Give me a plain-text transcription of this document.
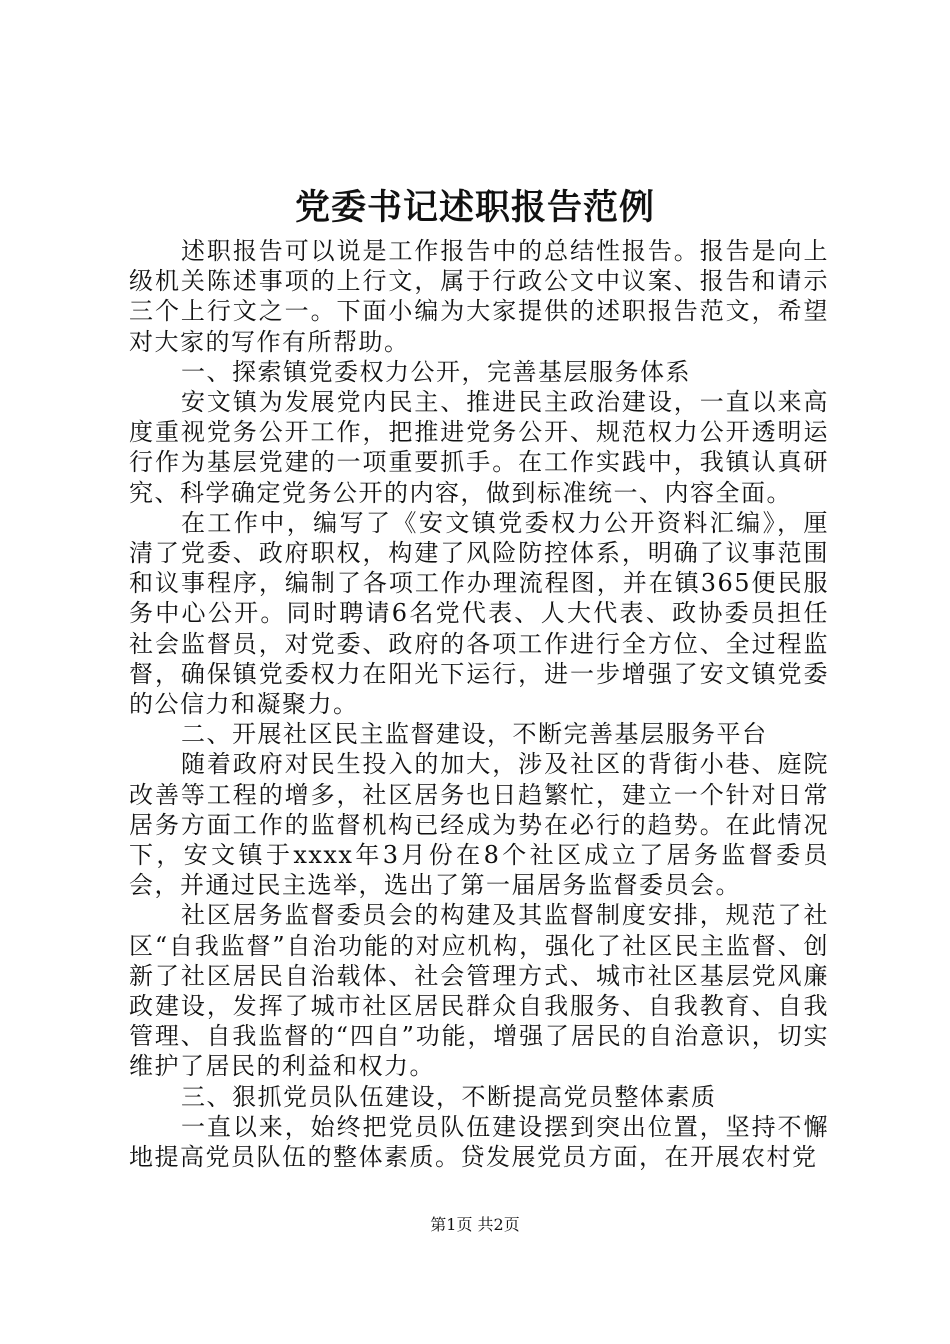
党委书记述职报告范例

述职报告可以说是工作报告中的总结性报告。报告是向上级机关陈述事项的上行文，属于行政公文中议案、报告和请示三个上行文之一。下面小编为大家提供的述职报告范文，希望对大家的写作有所帮助。

一、探索镇党委权力公开，完善基层服务体系

安文镇为发展党内民主、推进民主政治建设，一直以来高度重视党务公开工作，把推进党务公开、规范权力公开透明运行作为基层党建的一项重要抓手。在工作实践中，我镇认真研究、科学确定党务公开的内容，做到标准统一、内容全面。

在工作中，编写了《安文镇党委权力公开资料汇编》，厘清了党委、政府职权，构建了风险防控体系，明确了议事范围和议事程序，编制了各项工作办理流程图，并在镇365便民服务中心公开。同时聘请6名党代表、人大代表、政协委员担任社会监督员，对党委、政府的各项工作进行全方位、全过程监督，确保镇党委权力在阳光下运行，进一步增强了安文镇党委的公信力和凝聚力。

二、开展社区民主监督建设，不断完善基层服务平台

随着政府对民生投入的加大，涉及社区的背街小巷、庭院改善等工程的增多，社区居务也日趋繁忙，建立一个针对日常居务方面工作的监督机构已经成为势在必行的趋势。在此情况下，安文镇于xxxx年3月份在8个社区成立了居务监督委员会，并通过民主选举，选出了第一届居务监督委员会。

社区居务监督委员会的构建及其监督制度安排，规范了社区“自我监督”自治功能的对应机构，强化了社区民主监督、创新了社区居民自治载体、社会管理方式、城市社区基层党风廉政建设，发挥了城市社区居民群众自我服务、自我教育、自我管理、自我监督的“四自”功能，增强了居民的自治意识，切实维护了居民的利益和权力。

三、狠抓党员队伍建设，不断提高党员整体素质

一直以来，始终把党员队伍建设摆到突出位置，坚持不懈地提高党员队伍的整体素质。贷发展党员方面，在开展农村党

第1页 共2页
